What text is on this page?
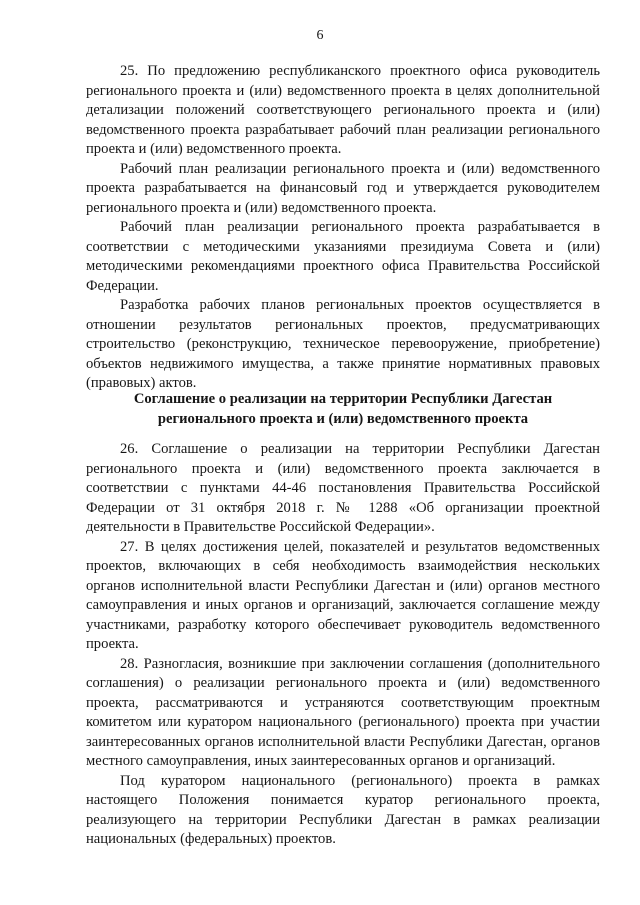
6

25. По предложению республиканского проектного офиса руководитель регионального проекта и (или) ведомственного проекта в целях дополнительной детализации положений соответствующего регионального проекта и (или) ведомственного проекта разрабатывает рабочий план реализации регионального проекта и (или) ведомственного проекта.

Рабочий план реализации регионального проекта и (или) ведомственного проекта разрабатывается на финансовый год и утверждается руководителем регионального проекта и (или) ведомственного проекта.

Рабочий план реализации регионального проекта разрабатывается в соответствии с методическими указаниями президиума Совета и (или) методическими рекомендациями проектного офиса Правительства Российской Федерации.

Разработка рабочих планов региональных проектов осуществляется в отношении результатов региональных проектов, предусматривающих строительство (реконструкцию, техническое перевооружение, приобретение) объектов недвижимого имущества, а также принятие нормативных правовых (правовых) актов.

Соглашение о реализации на территории Республики Дагестан
регионального проекта и (или) ведомственного проекта

26. Соглашение о реализации на территории Республики Дагестан регионального проекта и (или) ведомственного проекта заключается в соответствии с пунктами 44-46 постановления Правительства Российской Федерации от 31 октября 2018 г. № 1288 «Об организации проектной деятельности в Правительстве Российской Федерации».

27. В целях достижения целей, показателей и результатов ведомственных проектов, включающих в себя необходимость взаимодействия нескольких органов исполнительной власти Республики Дагестан и (или) органов местного самоуправления и иных органов и организаций, заключается соглашение между участниками, разработку которого обеспечивает руководитель ведомственного проекта.

28. Разногласия, возникшие при заключении соглашения (дополнительного соглашения) о реализации регионального проекта и (или) ведомственного проекта, рассматриваются и устраняются соответствующим проектным комитетом или куратором национального (регионального) проекта при участии заинтересованных органов исполнительной власти Республики Дагестан, органов местного самоуправления, иных заинтересованных органов и организаций.

Под куратором национального (регионального) проекта в рамках настоящего Положения понимается куратор регионального проекта, реализующего на территории Республики Дагестан в рамках реализации национальных (федеральных) проектов.
